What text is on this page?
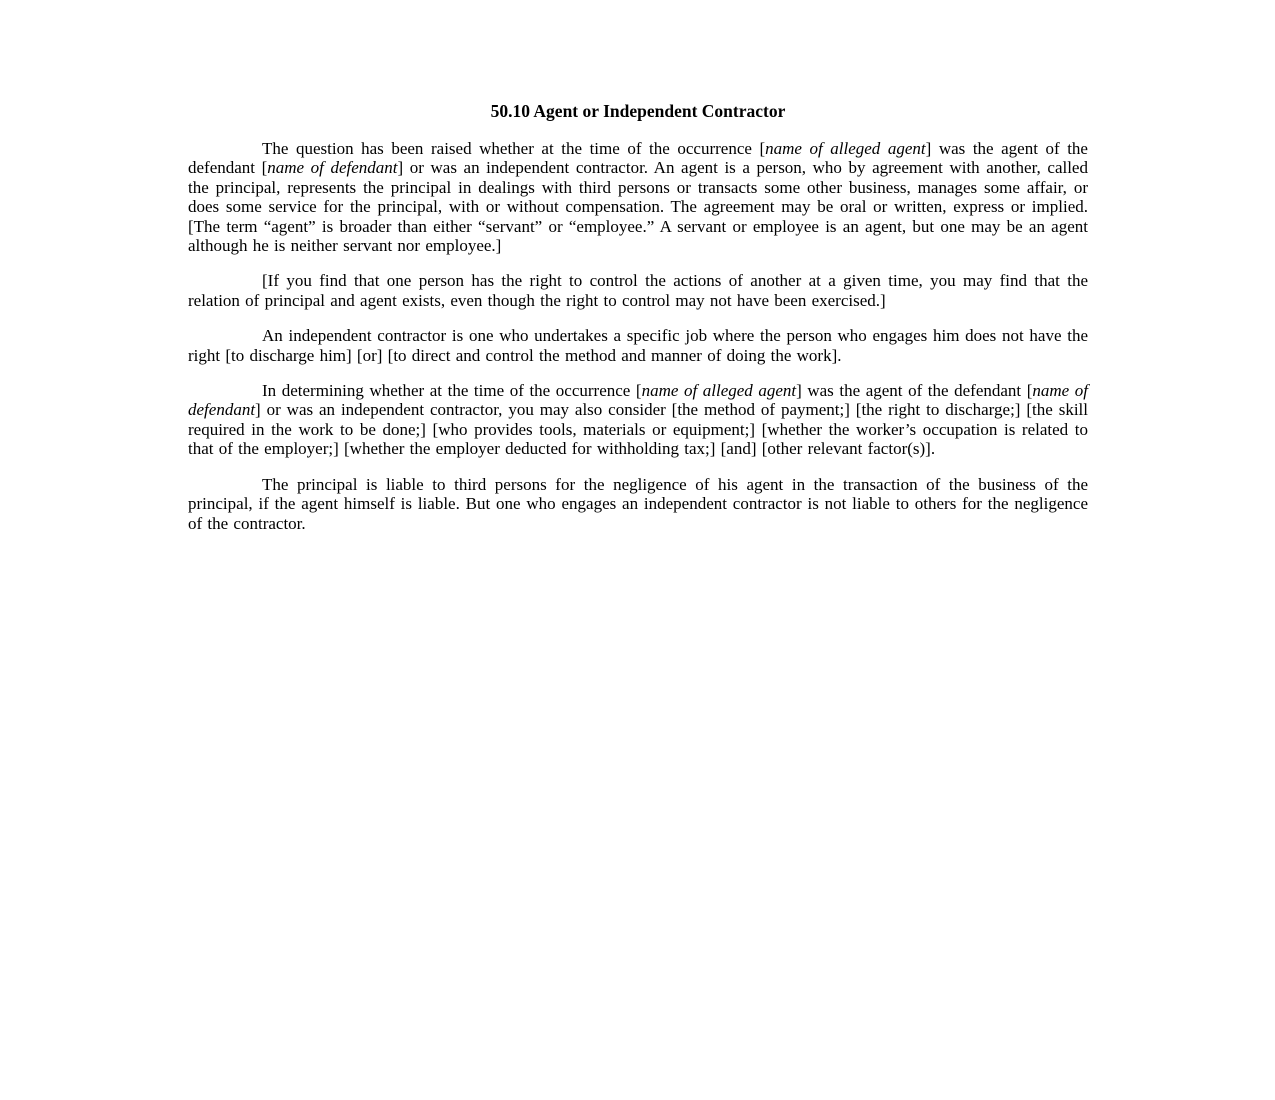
50.10 Agent or Independent Contractor

The question has been raised whether at the time of the occurrence [name of alleged agent] was the agent of the defendant [name of defendant] or was an independent contractor. An agent is a person, who by agreement with another, called the principal, represents the principal in dealings with third persons or transacts some other business, manages some affair, or does some service for the principal, with or without compensation. The agreement may be oral or written, express or implied. [The term “agent” is broader than either “servant” or “employee.” A servant or employee is an agent, but one may be an agent although he is neither servant nor employee.]

[If you find that one person has the right to control the actions of another at a given time, you may find that the relation of principal and agent exists, even though the right to control may not have been exercised.]

An independent contractor is one who undertakes a specific job where the person who engages him does not have the right [to discharge him] [or] [to direct and control the method and manner of doing the work].

In determining whether at the time of the occurrence [name of alleged agent] was the agent of the defendant [name of defendant] or was an independent contractor, you may also consider [the method of payment;] [the right to discharge;] [the skill required in the work to be done;] [who provides tools, materials or equipment;] [whether the worker’s occupation is related to that of the employer;] [whether the employer deducted for withholding tax;] [and] [other relevant factor(s)].

The principal is liable to third persons for the negligence of his agent in the transaction of the business of the principal, if the agent himself is liable. But one who engages an independent contractor is not liable to others for the negligence of the contractor.
